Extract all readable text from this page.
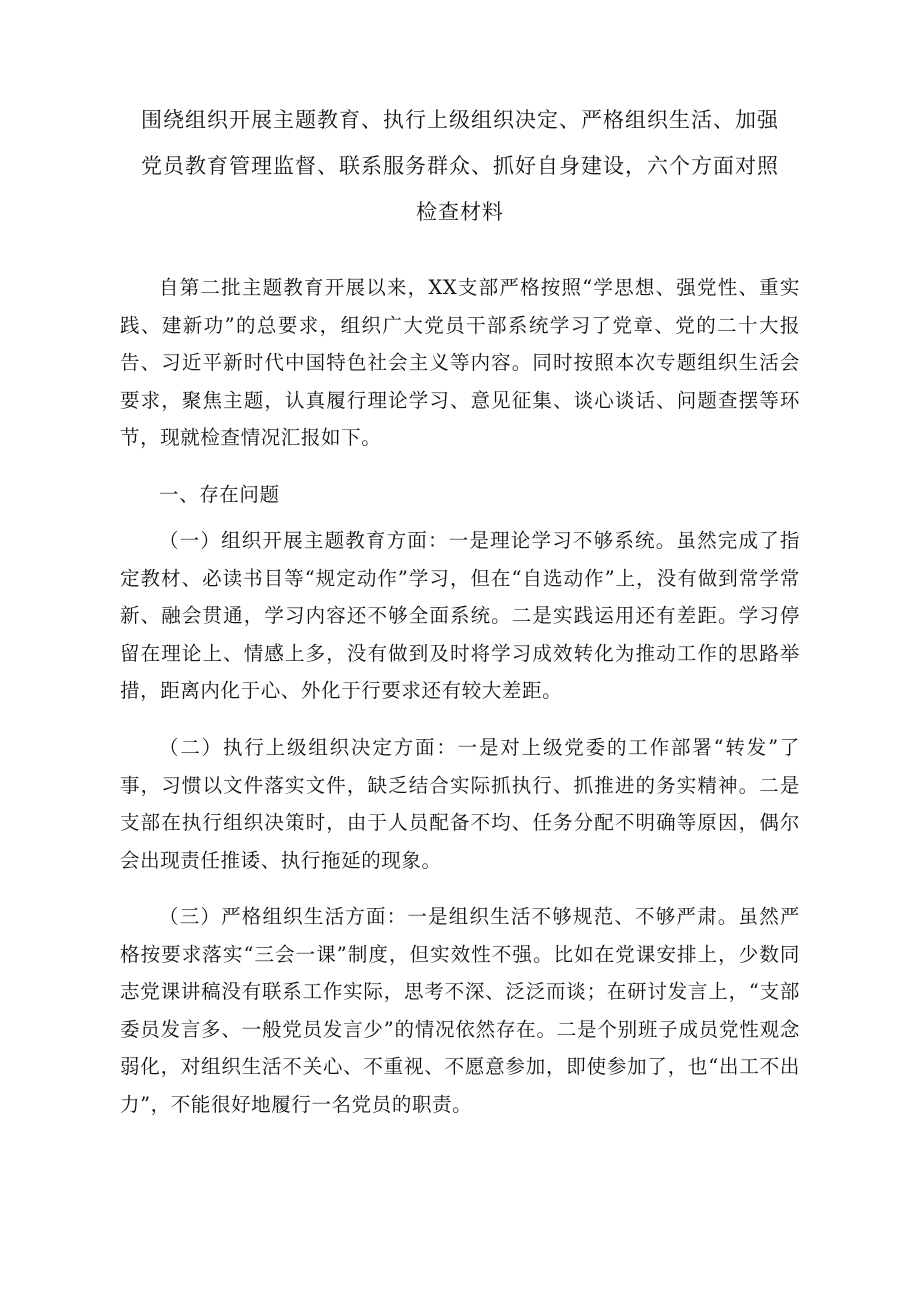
围绕组织开展主题教育、执行上级组织决定、严格组织生活、加强
党员教育管理监督、联系服务群众、抓好自身建设，六个方面对照
检查材料

自第二批主题教育开展以来，XX支部严格按照“学思想、强党性、重实践、建新功”的总要求，组织广大党员干部系统学习了党章、党的二十大报告、习近平新时代中国特色社会主义等内容。同时按照本次专题组织生活会要求，聚焦主题，认真履行理论学习、意见征集、谈心谈话、问题查摆等环节，现就检查情况汇报如下。

一、存在问题

（一）组织开展主题教育方面：一是理论学习不够系统。虽然完成了指定教材、必读书目等“规定动作”学习，但在“自选动作”上，没有做到常学常新、融会贯通，学习内容还不够全面系统。二是实践运用还有差距。学习停留在理论上、情感上多，没有做到及时将学习成效转化为推动工作的思路举措，距离内化于心、外化于行要求还有较大差距。

（二）执行上级组织决定方面：一是对上级党委的工作部署“转发”了事，习惯以文件落实文件，缺乏结合实际抓执行、抓推进的务实精神。二是支部在执行组织决策时，由于人员配备不均、任务分配不明确等原因，偶尔会出现责任推诿、执行拖延的现象。

（三）严格组织生活方面：一是组织生活不够规范、不够严肃。虽然严格按要求落实“三会一课”制度，但实效性不强。比如在党课安排上，少数同志党课讲稿没有联系工作实际，思考不深、泛泛而谈；在研讨发言上，“支部委员发言多、一般党员发言少”的情况依然存在。二是个别班子成员党性观念弱化，对组织生活不关心、不重视、不愿意参加，即使参加了，也“出工不出力”，不能很好地履行一名党员的职责。
